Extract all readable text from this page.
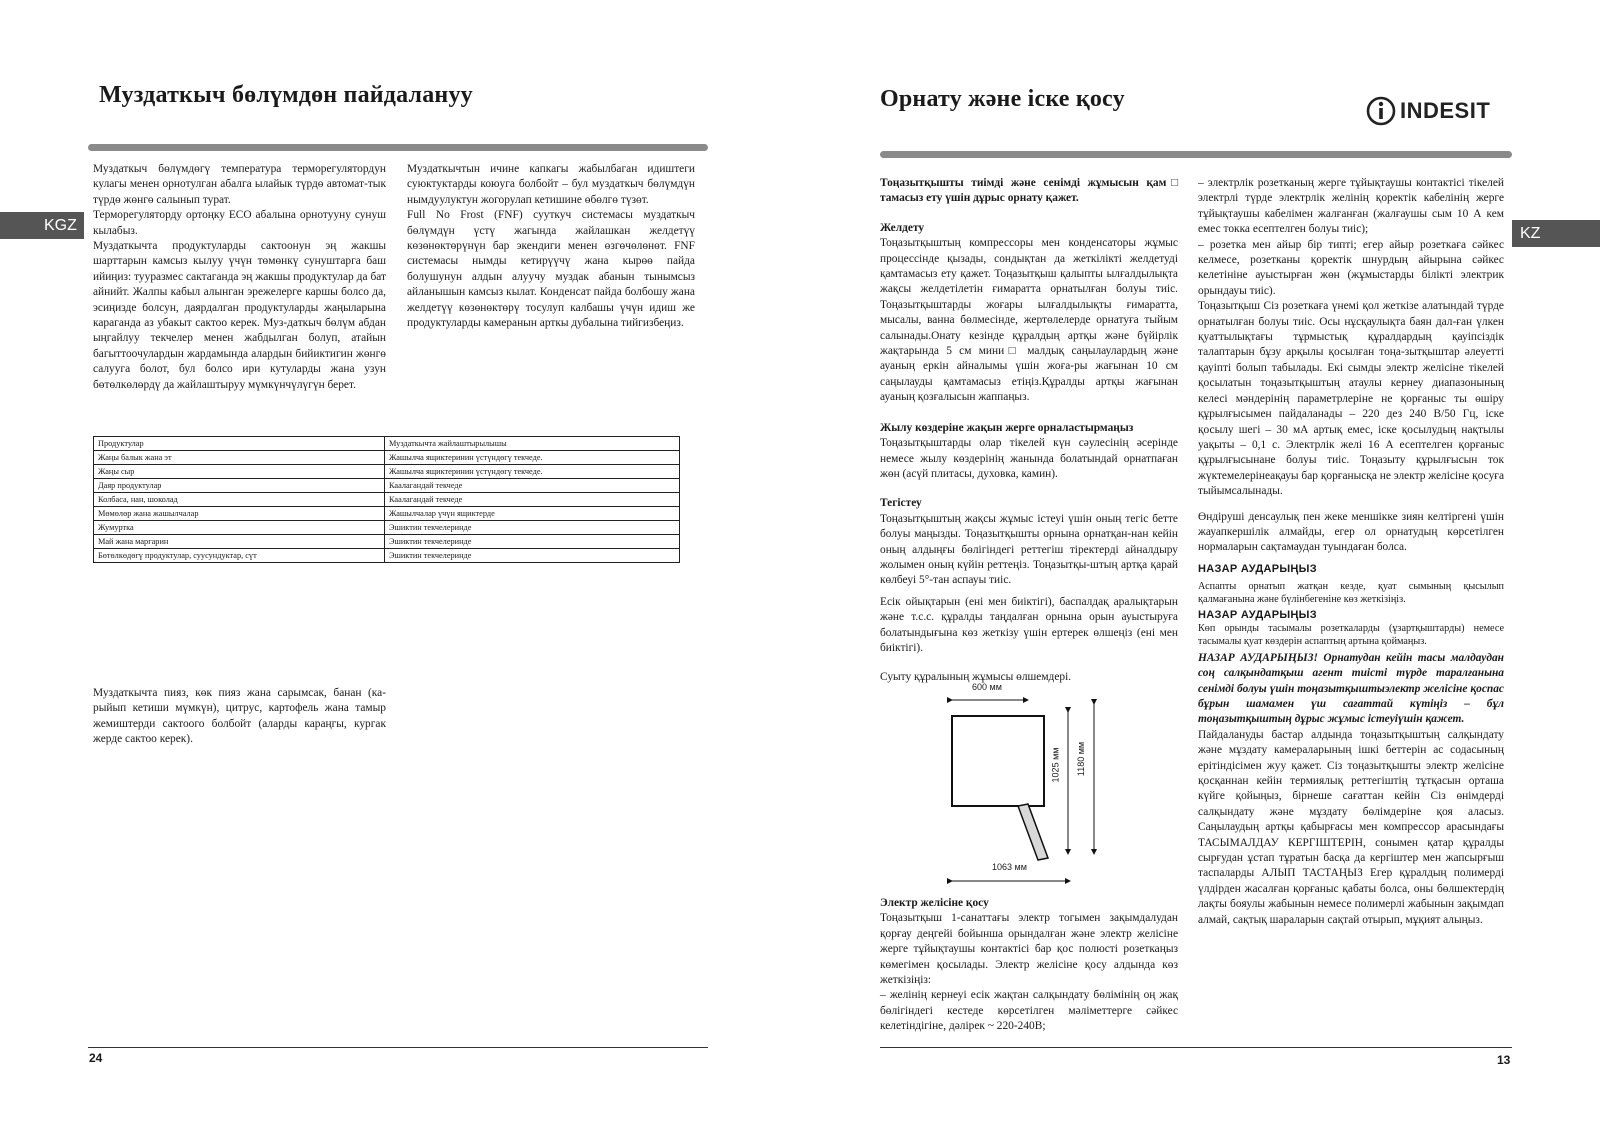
Муздаткыч бөлүмдөн пайдалануу
KGZ

Муздаткыч бөлүмдөгү температура терморегулятордун кулагы менен орнотулган абалга ылайык түрдө автомат-тык түрдө жөнгө салынып турат.

Терморегуляторду ортоңку ECO абалына орнотууну сунуш кылабыз.

Муздаткычта продуктуларды сактоонун эң жакшы шарттарын камсыз кылуу үчүн төмөнкү сунуштарга баш ийиңиз: тууразмес сактаганда эң жакшы продуктулар да бат айнийт. Жалпы кабыл алынган эрежелерге каршы болсо да, эсиңизде болсун, даярдалган продуктуларды жаңыларына караганда аз убакыт сактоо керек. Муз-даткыч бөлүм абдан ыңгайлуу текчелер менен жабдылган болуп, атайын багыттоочулардын жардамында алардын бийиктигин жөнгө салууга болот, бул болсо ири кутуларды жана узун бөтөлкөлөрдү да жайлаштыруу мүмкүнчүлүгүн берет.

Муздаткычтын ичине капкагы жабылбаган идиштеги суюктуктарды коюуга болбойт – бул муздаткыч бөлүмдүн нымдуулуктун жогорулап кетишине өбөлгө түзөт.

Full No Frost (FNF) сууткуч системасы муздаткыч бөлүмдүн үстү жагында жайлашкан желдетүү көзөнөктөрүнүн бар экендиги менен өзгөчөлөнөт. FNF системасы нымды кетирүүчү жана кырөө пайда болушунун алдын алуучу муздак абанын тынымсыз айланышын камсыз кылат. Конденсат пайда болбошу жана желдетүү көзөнөктөрү тосулуп калбашы үчүн идиш же продуктуларды камеранын арткы дубалына тийгизбеңиз.

Продуктулар	Муздаткычта жайлаштырылышы
Жаңы балык жана эт	Жашылча ящиктеринин үстүндөгү текчеде.
Жаңы сыр	Жашылча ящиктеринин үстүндөгү текчеде.
Даяр продуктулар	Каалагандай текчеде
Колбаса, нан, шоколад	Каалагандай текчеде
Мөмөлөр жана жашылчалар	Жашылчалар үчүн ящиктерде
Жумуртка	Эшиктин текчелеринде
Май жана маргарин	Эшиктин текчелеринде
Бөтөлкөдөгү продуктулар, суусундуктар, сүт	Эшиктин текчелеринде
Муздаткычта пияз, көк пияз жана сарымсак, банан (ка-рыйып кетиши мүмкүн), цитрус, картофель жана тамыр жемиштерди сактоого болбойт (аларды караңгы, кургак жерде сактоо керек).
24
Орнату және іске қосу	INDESIT
KZ

Тоңазытқышты тиімді және сенімді жұмысын қам□ тамасыз ету үшін дұрыс орнату қажет.

Желдету

Тоңазытқыштың компрессоры мен конденсаторы жұмыс процессінде қызады, сондықтан да жеткілікті желдетуді қамтамасыз ету қажет. Тоңазытқыш қалыпты ылғалдылықта жақсы желдетілетін ғимаратта орнатылған болуы тиіс. Тоңазытқыштарды жоғары ылғалдылықты ғимаратта, мысалы, ванна бөлмесінде, жертөлелерде орнатуға тыйым салынады.Онату кезінде құралдың артқы және бүйірлік жақтарында 5 см мини□ малдық саңылаулардың және ауаның еркін айналымы үшін жоға-ры жағынан 10 см саңылауды қамтамасыз етіңіз.Құралды артқы жағынан ауаның қозғалысын жаппаңыз.

Жылу көздеріне жақын жерге орналастырмаңыз

Тоңазытқыштарды олар тікелей күн сәулесінің әсерінде немесе жылу көздерінің жанында болатындай орнатпаған жөн (асүй плитасы, духовка, камин).

Тегістеу

Тоңазытқыштың жақсы жұмыс істеуі үшін оның тегіс бетте болуы маңызды. Тоңазытқышты орнына орнатқан-нан кейін оның алдыңғы бөлігіндегі реттегіш тіректерді айналдыру жолымен оның күйін реттеңіз. Тоңазытқы-штың артқа қарай көлбеуі 5°-тан аспауы тиіс.

Есік ойықтарын (ені мен биіктігі), баспалдақ аралықтарын және т.с.с. құралды таңдалған орнына орын ауыстыруға болатындығына көз жеткізу үшін ертерек өлшеңіз (ені мен биіктігі).

Суыту құралының жұмысы өлшемдері.

600 мм
1063 мм
1025 мм 1180 мм

Электр желісіне қосу

Тоңазытқыш 1-санаттағы электр тогымен зақымдалудан қорғау деңгейі бойынша орындалған және электр желісіне жерге тұйықтаушы контактісі бар қос полюсті розеткаңыз көмегімен қосылады. Электр желісіне қосу алдында көз жеткізіңіз:

– желінің кернеуі есік жақтан салқындату бөлімінің оң жақ бөлігіндегі кестеде көрсетілген мәліметтерге сәйкес келетіндігіне, дәлірек ~ 220-240В;

– электрлік розетканың жерге тұйықтаушы контактісі тікелей электрлі түрде электрлік желінің қоректік кабелінің жерге тұйықтаушы кабелімен жалғанған (жалғаушы сым 10 А кем емес токка есептелген болуы тиіс);

– розетка мен айыр бір типті; егер айыр розеткаға сәйкес келмесе, розетканы қоректік шнурдың айырына сәйкес келетініне ауыстырған жөн (жұмыстарды білікті электрик орындауы тиіс).

Тоңазытқыш Сіз розеткаға үнемі қол жеткізе алатындай түрде орнатылған болуы тиіс. Осы нұсқаулықта баян дал-ған үлкен қуаттылықтағы тұрмыстық құралдардың қауіпсіздік талаптарын бұзу арқылы қосылған тоңа-зытқыштар әлеуетті қауіпті болып табылады. Екі сымды электр желісіне тікелей қосылатын тоңазытқыштың атаулы кернеу диапазонының келесі мәндерінің параметрлеріне не қорғаныс ты өшіру құрылғысымен пайдаланады – 220 дез 240 В/50 Гц, іске қосылу шегі – 30 мА артық емес, іске қосылудың нақтылы уақыты – 0,1 с. Электрлік желі 16 А есептелген қорғаныс құрылғысынане болуы тиіс. Тоңазыту құрылғысын ток жүктемелерінеақауы бар қорғанысқа не электр желісіне қосуға тыйымсалынады.

Өндіруші денсаулық пен жеке меншікке зиян келтіргені үшін жауапкершілік алмайды, егер ол орнатудың көрсетілген нормаларын сақтамаудан туындаған болса.

НАЗАР АУДАРЫҢЫЗ

Аспапты орнатып жатқан кезде, қуат сымының қысылып қалмағанына және бүлінбегеніне көз жеткізіңіз.

НАЗАР АУДАРЫҢЫЗ

Көп орынды тасымалы розеткаларды (ұзартқыштарды) немесе тасымалы қуат көздерін аспаптың артына қоймаңыз.

НАЗАР АУДАРЫҢЫЗ! Орнатудан кейін тасы малдаудан соң салқындатқыш агент тиісті түрде таралғанына сенімді болуы үшін тоңазытқыштыэлектр желісіне қоспас бұрын шамамен үш сағаттай күтіңіз – бұл тоңазытқыштың дұрыс жұмыс істеуіүшін қажет.

Пайдалануды бастар алдында тоңазытқыштың салқындату және мұздату камераларының ішкі беттерін ас содасының ерітіндісімен жуу қажет. Сіз тоңазытқышты электр желісіне қосқаннан кейін термиялық реттегіштің тұтқасын орташа күйге қойыңыз, бірнеше сағаттан кейін Сіз өнімдерді салқындату және мұздату бөлімдеріне қоя аласыз. Саңылаудың артқы қабырғасы мен компрессор арасындағы ТАСЫМАЛДАУ КЕРГІШТЕРІН, сонымен қатар құралды сырғудан ұстап тұратын басқа да кергіштер мен жапсырғыш таспаларды АЛЫП ТАСТАҢЫЗ Егер құралдың полимерді үлдірден жасалған қорғаныс қабаты болса, оны бөлшектердің лақты бояулы жабынын немесе полимерлі жабынын зақымдап алмай, сақтық шараларын сақтай отырып, мұқият алыңыз.

13
